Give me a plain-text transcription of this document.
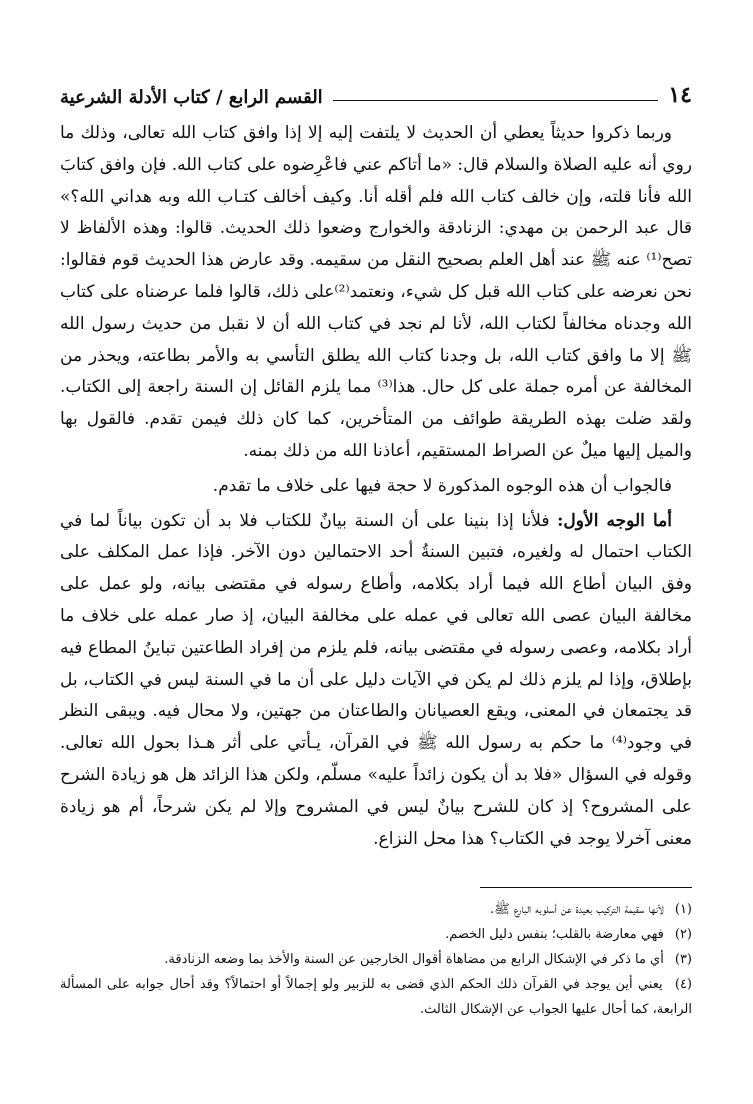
١٤
القسم الرابع / كتاب الأدلة الشرعية

وربما ذكروا حديثاً يعطي أن الحديث لا يلتفت إليه إلا إذا وافق كتاب الله تعالى، وذلك ما روي أنه عليه الصلاة والسلام قال: «ما أتاكم عني فاعْرِضوه على كتاب الله. فإن وافق كتابَ الله فأنا قلته، وإن خالف كتاب الله فلم أقله أنا. وكيف أخالف كتـاب الله وبه هداني الله؟» قال عبد الرحمن بن مهدي: الزنادقة والخوارج وضعوا ذلك الحديث. قالوا: وهذه الألفاظ لا تصح⁽¹⁾ عنه ﷺ عند أهل العلم بصحيح النقل من سقيمه. وقد عارض هذا الحديث قوم فقالوا: نحن نعرضه على كتاب الله قبل كل شيء، ونعتمد⁽²⁾على ذلك، قالوا فلما عرضناه على كتاب الله وجدناه مخالفاً لكتاب الله، لأنا لم نجد في كتاب الله أن لا نقبل من حديث رسول الله ﷺ إلا ما وافق كتاب الله، بل وجدنا كتاب الله يطلق التأسي به والأمر بطاعته، ويحذر من المخالفة عن أمره جملة على كل حال. هذا⁽³⁾ مما يلزم القائل إن السنة راجعة إلى الكتاب. ولقد ضلت بهذه الطريقة طوائف من المتأخرين، كما كان ذلك فيمن تقدم. فالقول بها والميل إليها ميلٌ عن الصراط المستقيم، أعاذنا الله من ذلك بمنه.

فالجواب أن هذه الوجوه المذكورة لا حجة فيها على خلاف ما تقدم.

أما الوجه الأول: فلأنا إذا بنينا على أن السنة بيانٌ للكتاب فلا بد أن تكون بياناً لما في الكتاب احتمال له ولغيره، فتبين السنةُ أحد الاحتمالين دون الآخر. فإذا عمل المكلف على وفق البيان أطاع الله فيما أراد بكلامه، وأطاع رسوله في مقتضى بيانه، ولو عمل على مخالفة البيان عصى الله تعالى في عمله على مخالفة البيان، إذ صار عمله على خلاف ما أراد بكلامه، وعصى رسوله في مقتضى بيانه، فلم يلزم من إفراد الطاعتين تباينُ المطاع فيه بإطلاق، وإذا لم يلزم ذلك لم يكن في الآيات دليل على أن ما في السنة ليس في الكتاب، بل قد يجتمعان في المعنى، ويقع العصيانان والطاعتان من جهتين، ولا محال فيه. ويبقى النظر في وجود⁽⁴⁾ ما حكم به رسول الله ﷺ في القرآن، يـأتي على أثر هـذا بحول الله تعالى. وقوله في السؤال «فلا بد أن يكون زائداً عليه» مسلّم، ولكن هذا الزائد هل هو زيادة الشرح على المشروح؟ إذ كان للشرح بيانٌ ليس في المشروح وإلا لم يكن شرحاً، أم هو زيادة معنى آخرلا يوجد في الكتاب؟ هذا محل النزاع.

(١) لأنها سقيمة التركيب بعيدة عن أسلوبه البارع ﷺ.

(٢) فهي معارضة بالقلب؛ بنفس دليل الخصم.

(٣) أي ما ذكر في الإشكال الرابع من مضاهاة أقوال الخارجين عن السنة والأخذ بما وضعه الزنادقة.

(٤) يعني أين يوجد في القرآن ذلك الحكم الذي قضى به للزبير ولو إجمالاً أو احتمالاً؟ وقد أحال جوابه على المسألة الرابعة، كما أحال عليها الجواب عن الإشكال الثالث.
